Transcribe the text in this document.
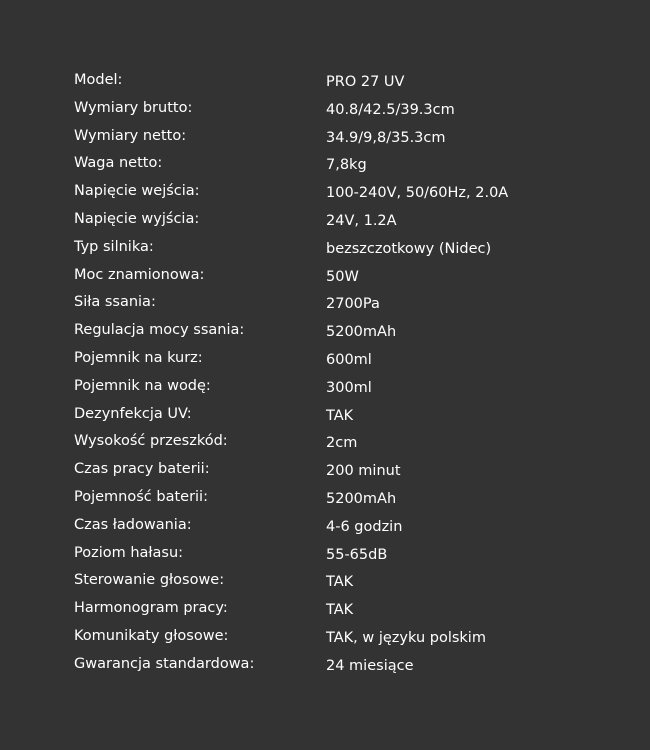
Model:	PRO 27 UV
Wymiary brutto:	40.8/42.5/39.3cm
Wymiary netto:	34.9/9,8/35.3cm
Waga netto:	7,8kg
Napięcie wejścia:	100-240V, 50/60Hz, 2.0A
Napięcie wyjścia:	24V, 1.2A
Typ silnika:	bezszczotkowy (Nidec)
Moc znamionowa:	50W
Siła ssania:	2700Pa
Regulacja mocy ssania:	5200mAh
Pojemnik na kurz:	600ml
Pojemnik na wodę:	300ml
Dezynfekcja UV:	TAK
Wysokość przeszkód:	2cm
Czas pracy baterii:	200 minut
Pojemność baterii:	5200mAh
Czas ładowania:	4-6 godzin
Poziom hałasu:	55-65dB
Sterowanie głosowe:	TAK
Harmonogram pracy:	TAK
Komunikaty głosowe:	TAK, w języku polskim
Gwarancja standardowa:	24 miesiące
